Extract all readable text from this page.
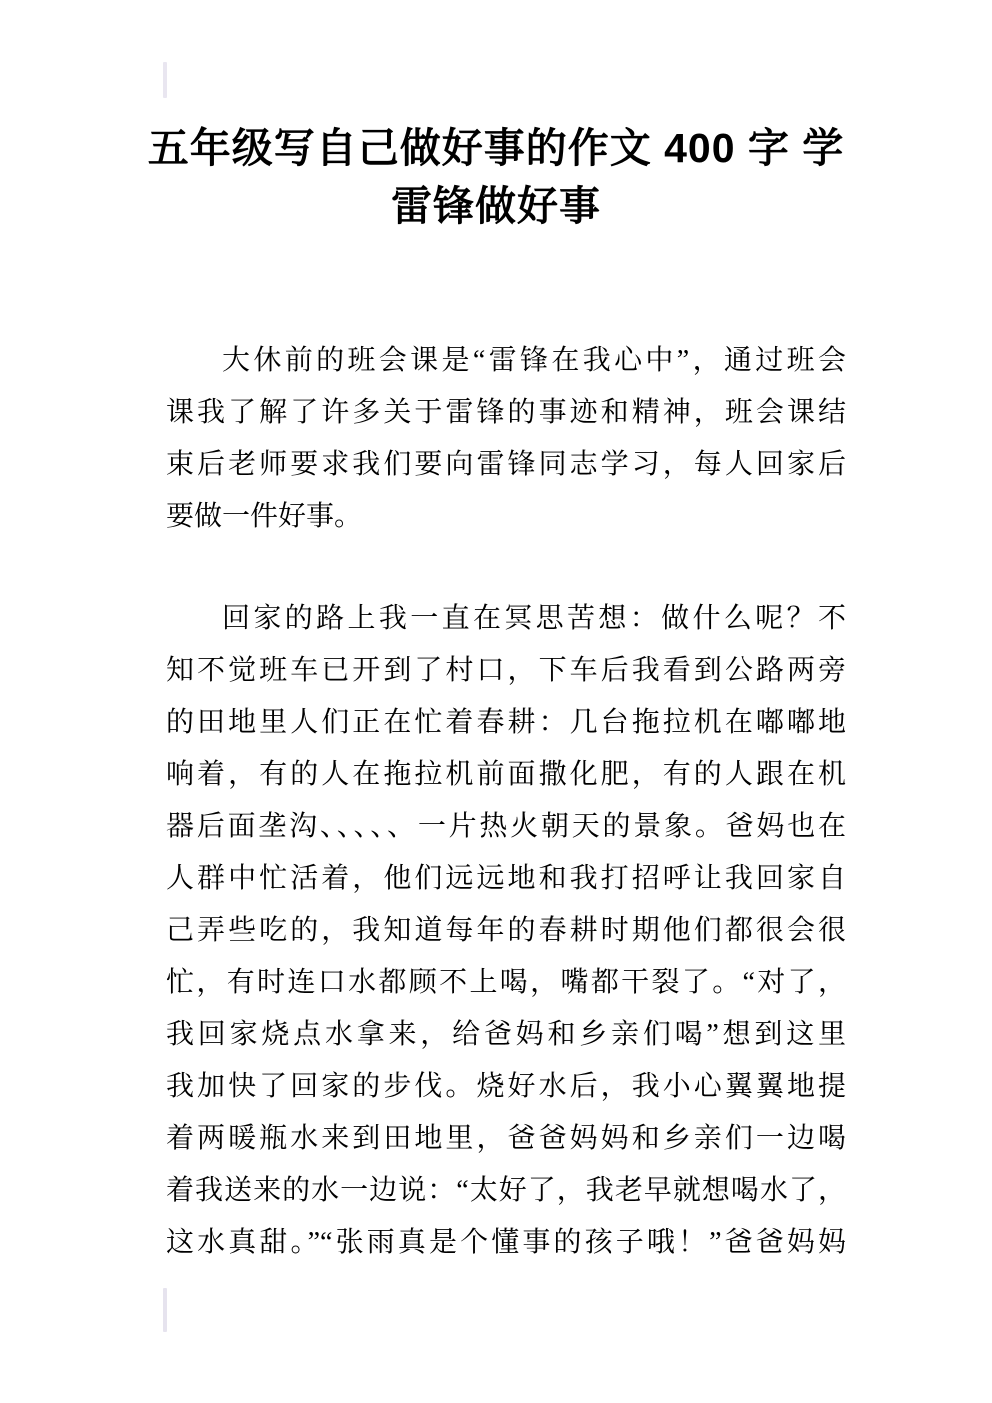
五年级写自己做好事的作文 400 字 学
雷锋做好事
大休前的班会课是“雷锋在我心中”，通过班会
课我了解了许多关于雷锋的事迹和精神，班会课结
束后老师要求我们要向雷锋同志学习，每人回家后
要做一件好事。
回家的路上我一直在冥思苦想：做什么呢？不
知不觉班车已开到了村口，下车后我看到公路两旁
的田地里人们正在忙着春耕：几台拖拉机在嘟嘟地
响着，有的人在拖拉机前面撒化肥，有的人跟在机
器后面垄沟、、、、、一片热火朝天的景象。爸妈也在
人群中忙活着，他们远远地和我打招呼让我回家自
己弄些吃的，我知道每年的春耕时期他们都很会很
忙，有时连口水都顾不上喝，嘴都干裂了。“对了，
我回家烧点水拿来，给爸妈和乡亲们喝”想到这里
我加快了回家的步伐。烧好水后，我小心翼翼地提
着两暖瓶水来到田地里，爸爸妈妈和乡亲们一边喝
着我送来的水一边说：“太好了，我老早就想喝水了，
这水真甜。”“张雨真是个懂事的孩子哦！”爸爸妈妈
